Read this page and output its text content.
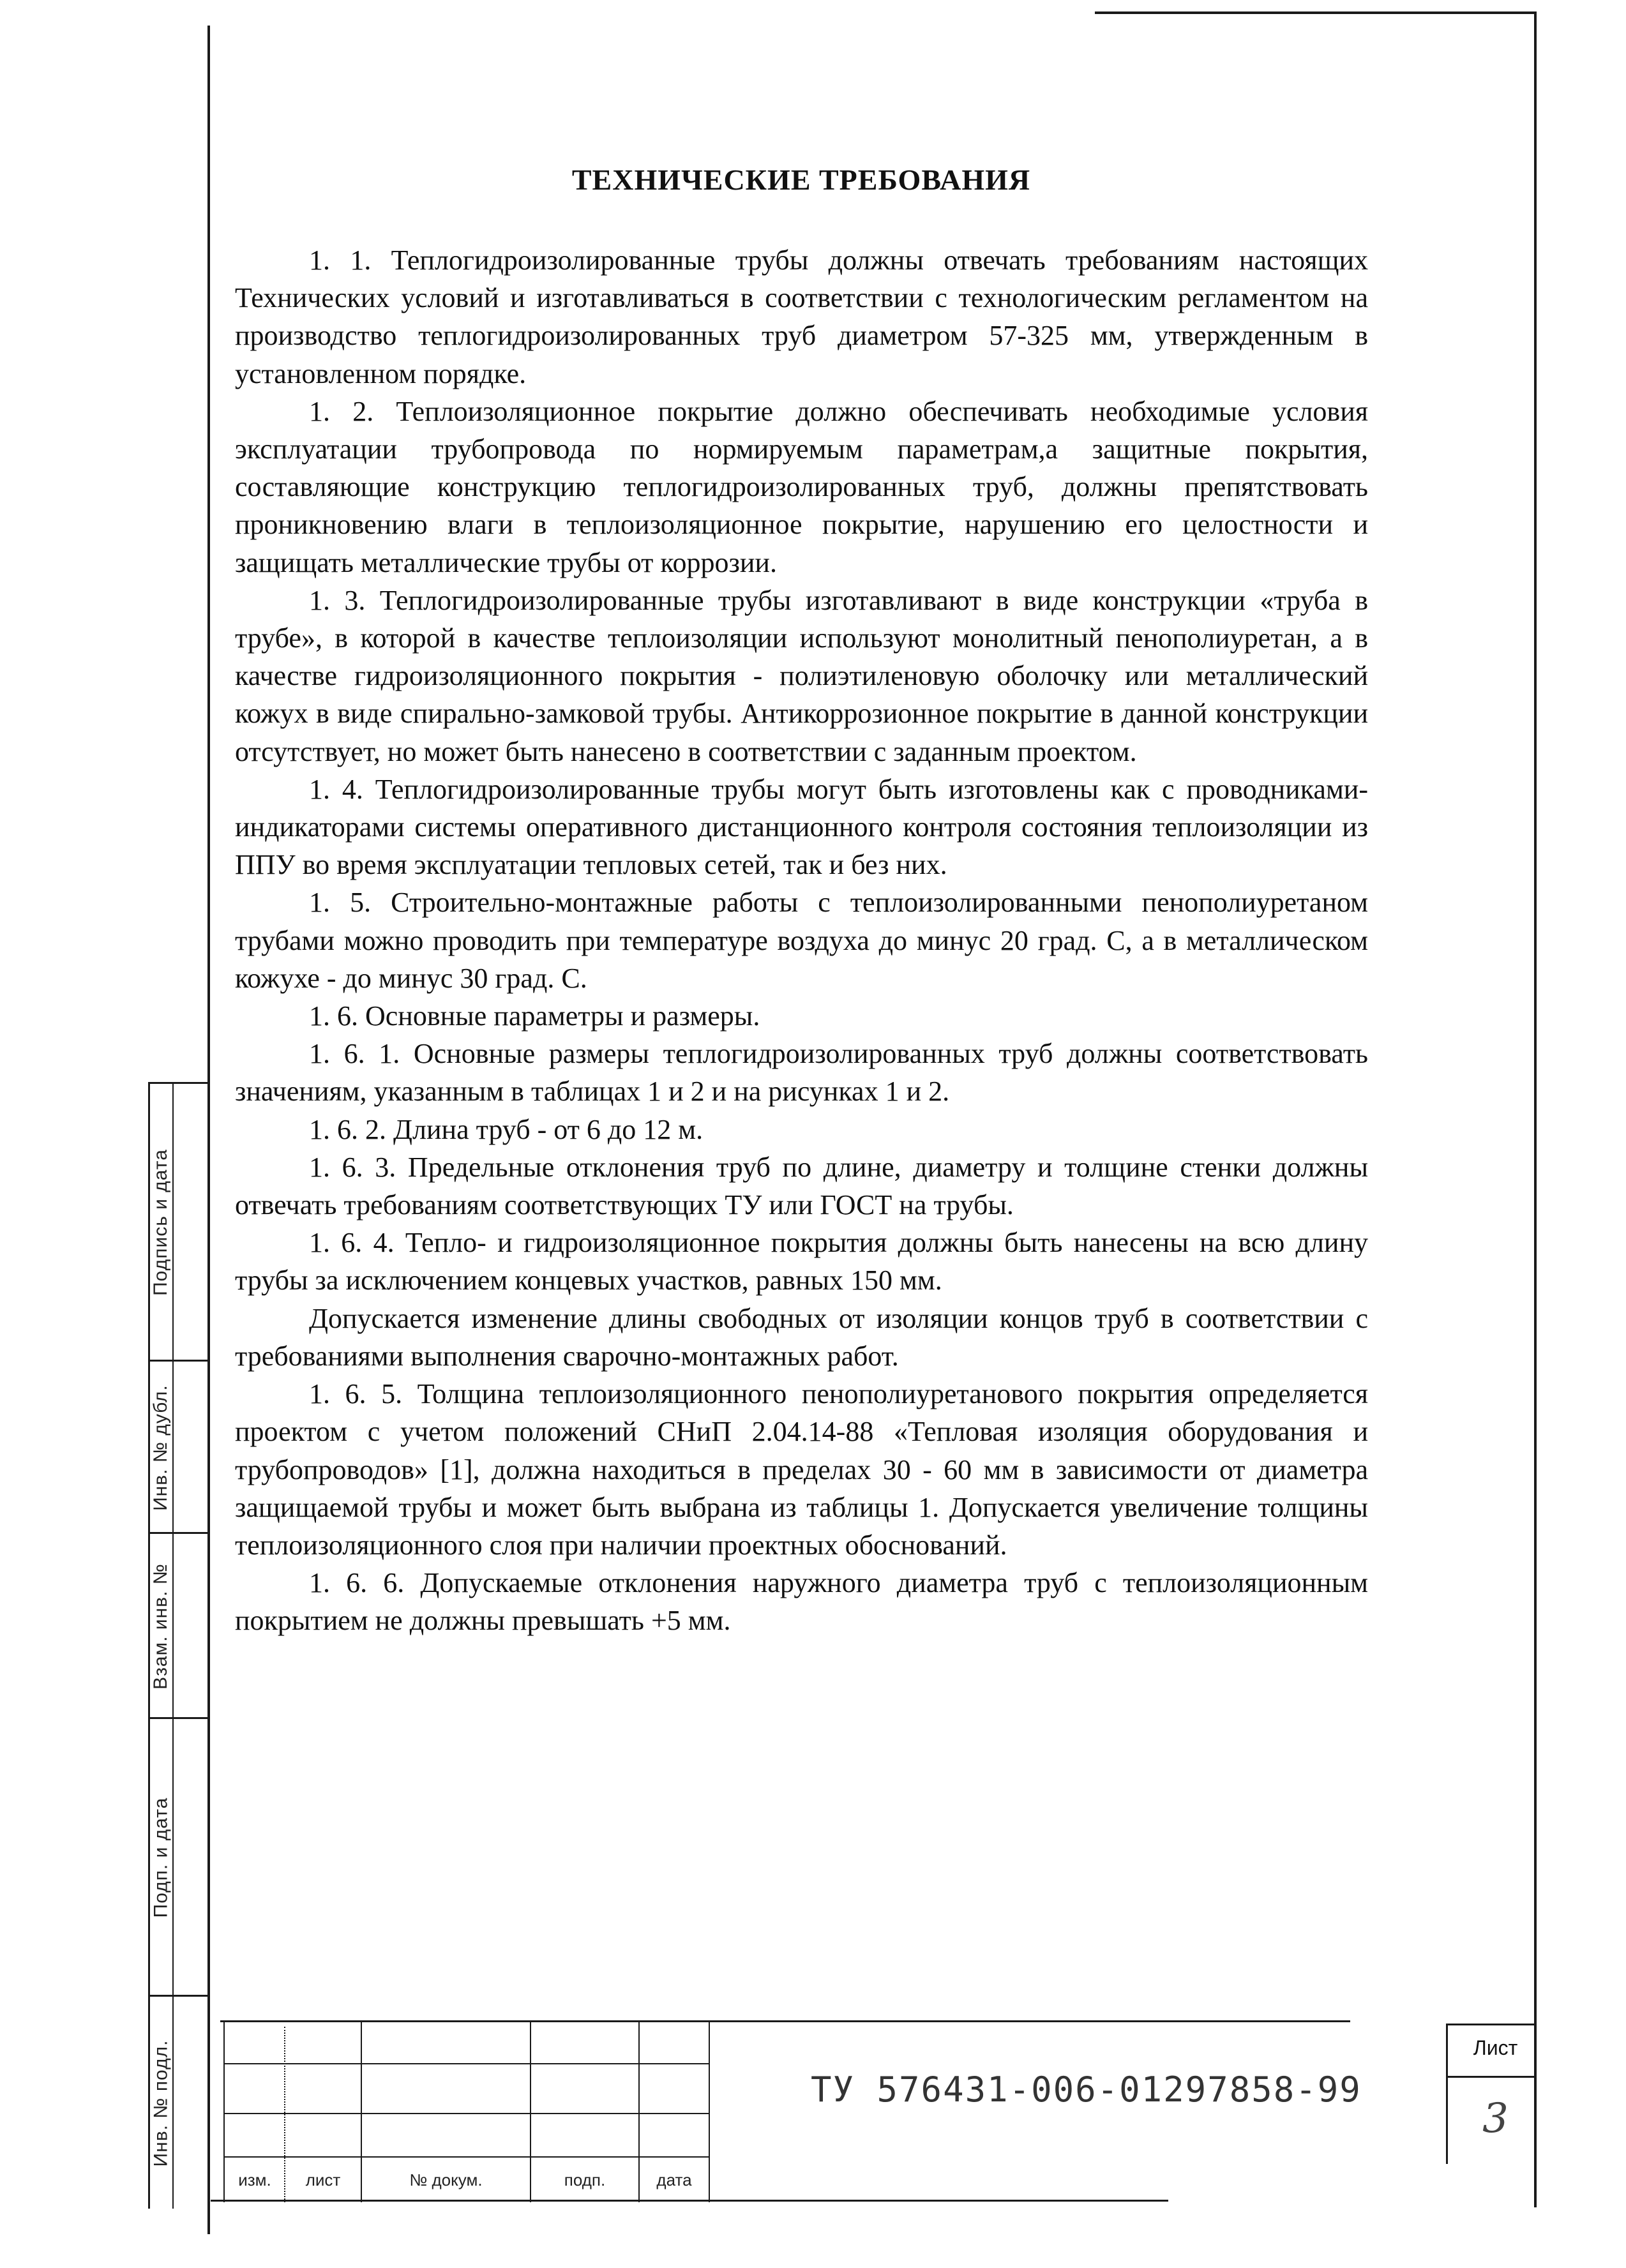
ТЕХНИЧЕСКИЕ ТРЕБОВАНИЯ

1. 1. Теплогидроизолированные трубы должны отвечать требованиям настоящих Технических условий и изготавливаться в соответствии с технологическим регламентом на производство теплогидроизолированных труб диаметром 57-325 мм, утвержденным в установленном порядке.

1. 2. Теплоизоляционное покрытие должно обеспечивать необходимые условия эксплуатации трубопровода по нормируемым параметрам,а защитные покрытия, составляющие конструкцию теплогидроизолированных труб, должны препятствовать проникновению влаги в теплоизоляционное покрытие, нарушению его целостности и защищать металлические трубы от коррозии.

1. 3. Теплогидроизолированные трубы изготавливают в виде конструкции «труба в трубе», в которой в качестве теплоизоляции используют монолитный пенополиуретан, а в качестве гидроизоляционного покрытия - полиэтиленовую оболочку или металлический кожух в виде спирально-замковой трубы. Антикоррозионное покрытие в данной конструкции отсутствует, но может быть нанесено в соответствии с заданным проектом.

1. 4. Теплогидроизолированные трубы могут быть изготовлены как с проводниками-индикаторами системы оперативного дистанционного контроля состояния теплоизоляции из ППУ во время эксплуатации тепловых сетей, так и без них.

1. 5. Строительно-монтажные работы с теплоизолированными пенополиуретаном трубами можно проводить при температуре воздуха до минус 20 град. С, а в металлическом кожухе - до минус 30 град. С.

1. 6. Основные параметры и размеры.

1. 6. 1. Основные размеры теплогидроизолированных труб должны соответствовать значениям, указанным в таблицах 1 и 2 и на рисунках 1 и 2.

1. 6. 2. Длина труб - от 6 до 12 м.

1. 6. 3. Предельные отклонения труб по длине, диаметру и толщине стенки должны отвечать требованиям соответствующих ТУ или ГОСТ на трубы.

1. 6. 4. Тепло- и гидроизоляционное покрытия должны быть нанесены на всю длину трубы за исключением концевых участков, равных 150 мм.

Допускается изменение длины свободных от изоляции концов труб в соответствии с требованиями выполнения сварочно-монтажных работ.

1. 6. 5. Толщина теплоизоляционного пенополиуретанового покрытия определяется проектом с учетом положений СНиП 2.04.14-88 «Тепловая изоляция оборудования и трубопроводов» [1], должна находиться в пределах 30 - 60 мм в зависимости от диаметра защищаемой трубы и может быть выбрана из таблицы 1. Допускается увеличение толщины теплоизоляционного слоя при наличии проектных обоснований.

1. 6. 6. Допускаемые отклонения наружного диаметра труб с теплоизоляционным покрытием не должны превышать +5 мм.

Подпись и дата
Инв. № дубл.
Взам. инв. №
Подп. и дата
Инв. № подл.
изм.	лист	№ докум.	подп.	дата
ТУ 576431-006-01297858-99
Лист
3
